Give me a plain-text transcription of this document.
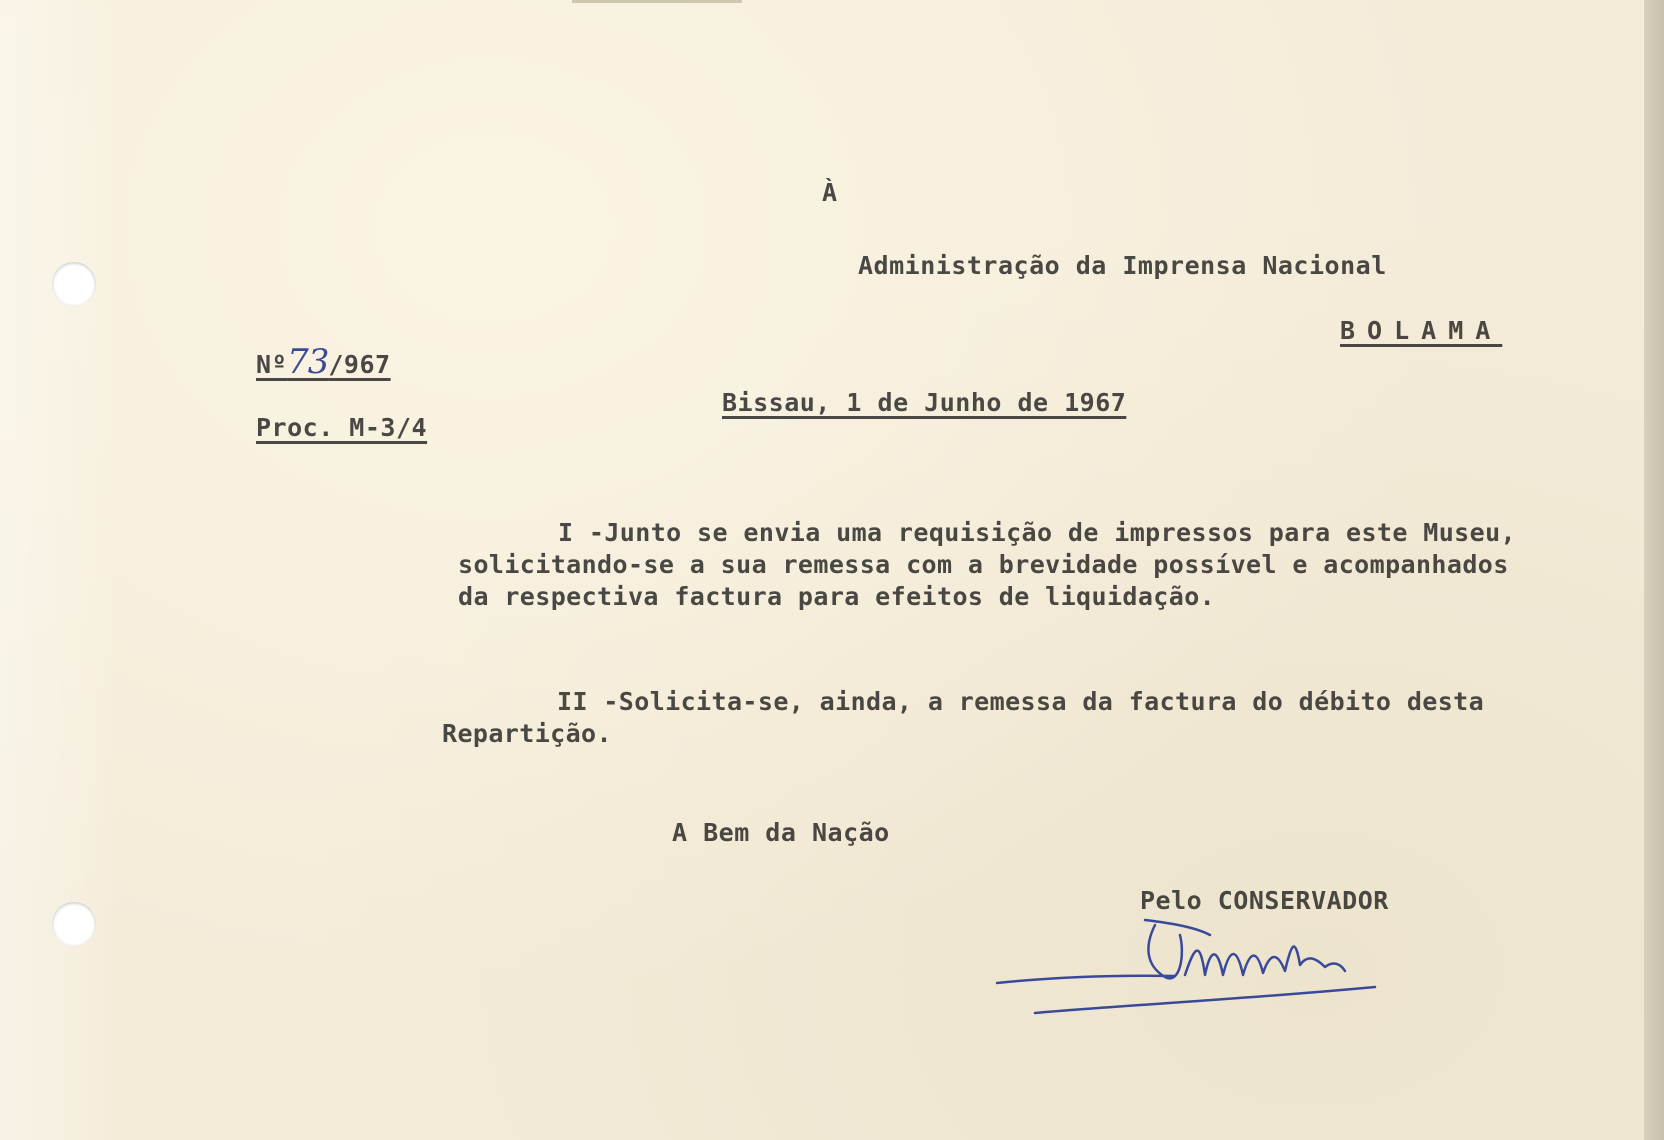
À
Administração da Imprensa Nacional
BOLAMA
Nº73/967
Proc. M-3/4
Bissau, 1 de Junho de 1967
I -Junto se envia uma requisição de impressos para este Museu,
solicitando-se a sua remessa com a brevidade possível e acompanhados
da respectiva factura para efeitos de liquidação.
II -Solicita-se, ainda, a remessa da factura do débito desta
Repartição.
A Bem da Nação
Pelo CONSERVADOR
